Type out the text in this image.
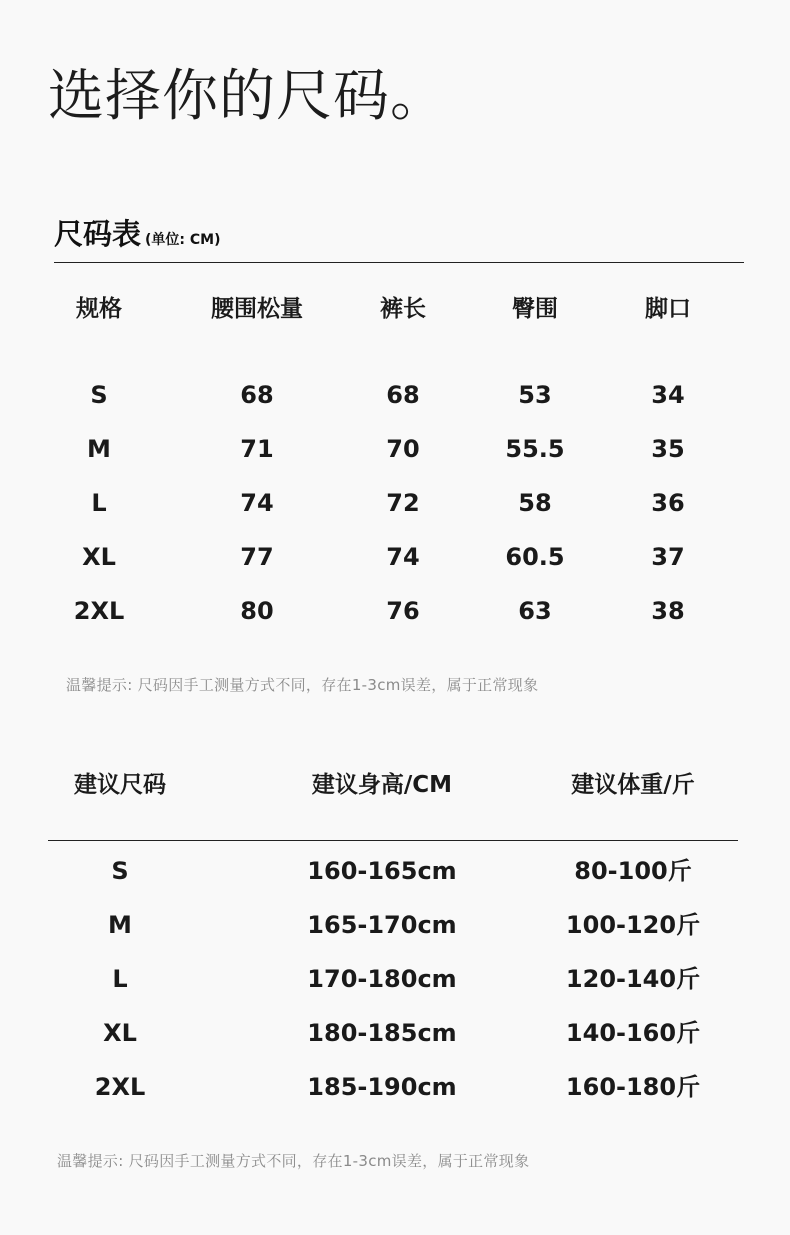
选择你的尺码。
尺码表 (单位: CM)
规格	腰围松量	裤长	臀围	脚口
S	68	68	53	34
M	71	70	55.5	35
L	74	72	58	36
XL	77	74	60.5	37
2XL	80	76	63	38
温馨提示: 尺码因手工测量方式不同，存在1-3cm误差，属于正常现象
建议尺码	建议身高/CM	建议体重/斤
S	160-165cm	80-100斤
M	165-170cm	100-120斤
L	170-180cm	120-140斤
XL	180-185cm	140-160斤
2XL	185-190cm	160-180斤
温馨提示: 尺码因手工测量方式不同，存在1-3cm误差，属于正常现象
